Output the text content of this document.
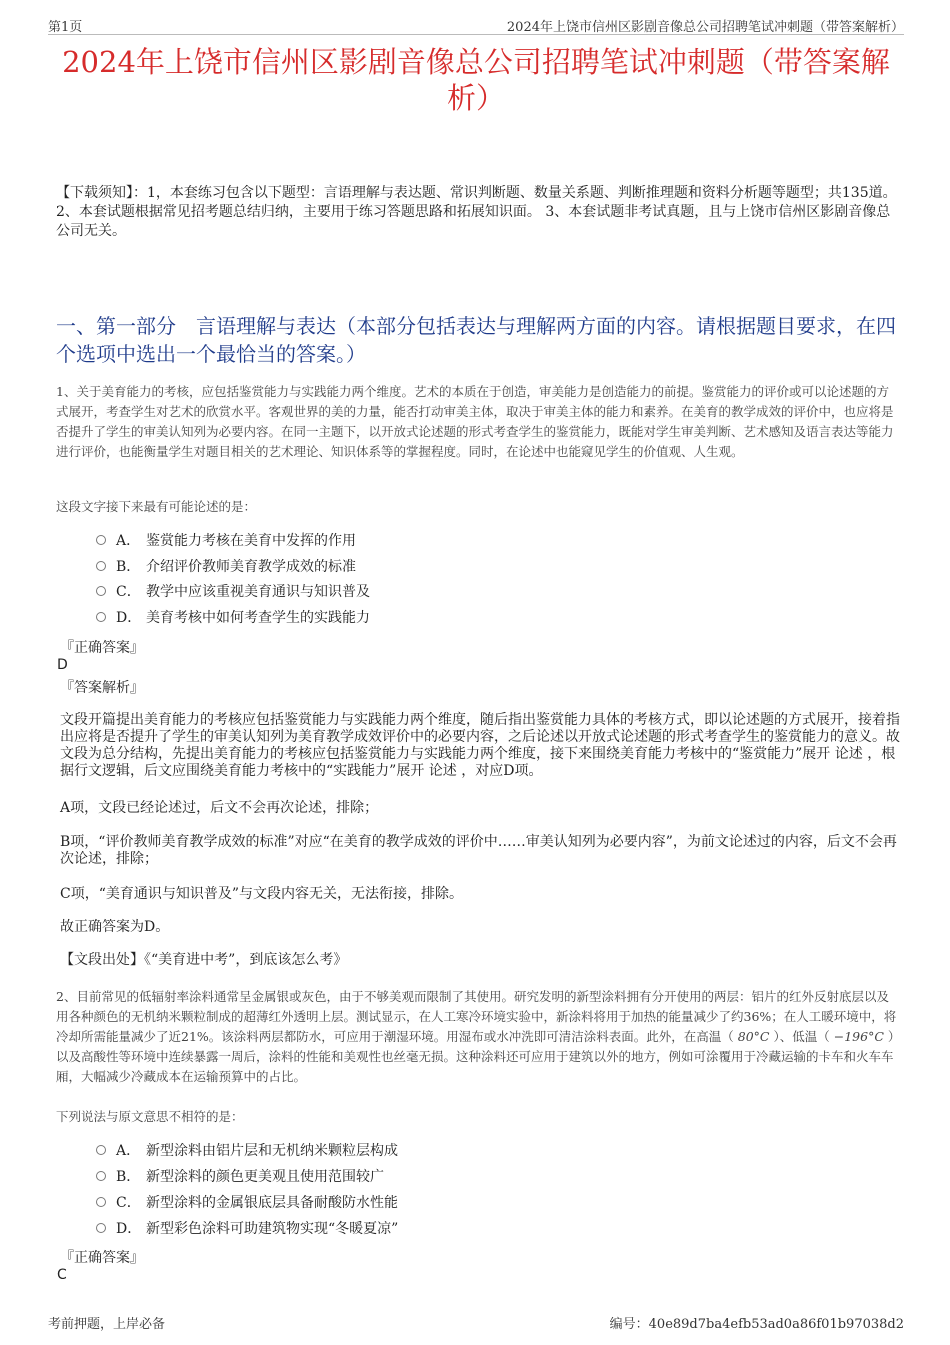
第1页	2024年上饶市信州区影剧音像总公司招聘笔试冲刺题（带答案解析）
2024年上饶市信州区影剧音像总公司招聘笔试冲刺题（带答案解析）
【下载须知】：1，本套练习包含以下题型：言语理解与表达题、常识判断题、数量关系题、判断推理题和资料分析题等题型；共135道。 2、本套试题根据常见招考题总结归纳，主要用于练习答题思路和拓展知识面。 3、本套试题非考试真题，且与上饶市信州区影剧音像总公司无关。
一、第一部分　言语理解与表达（本部分包括表达与理解两方面的内容。请根据题目要求，在四个选项中选出一个最恰当的答案。）
1、关于美育能力的考核，应包括鉴赏能力与实践能力两个维度。艺术的本质在于创造，审美能力是创造能力的前提。鉴赏能力的评价或可以论述题的方式展开，考查学生对艺术的欣赏水平。客观世界的美的力量，能否打动审美主体，取决于审美主体的能力和素养。在美育的教学成效的评价中，也应将是否提升了学生的审美认知列为必要内容。在同一主题下，以开放式论述题的形式考查学生的鉴赏能力，既能对学生审美判断、艺术感知及语言表达等能力进行评价，也能衡量学生对题目相关的艺术理论、知识体系等的掌握程度。同时，在论述中也能窥见学生的价值观、人生观。
这段文字接下来最有可能论述的是：
A． 鉴赏能力考核在美育中发挥的作用
B． 介绍评价教师美育教学成效的标准
C． 教学中应该重视美育通识与知识普及
D． 美育考核中如何考查学生的实践能力
『正确答案』
D
『答案解析』
文段开篇提出美育能力的考核应包括鉴赏能力与实践能力两个维度，随后指出鉴赏能力具体的考核方式，即以论述题的方式展开，接着指出应将是否提升了学生的审美认知列为美育教学成效评价中的必要内容，之后论述以开放式论述题的形式考查学生的鉴赏能力的意义。故文段为总分结构，先提出美育能力的考核应包括鉴赏能力与实践能力两个维度，接下来围绕美育能力考核中的“鉴赏能力”展开 论述 ，根据行文逻辑，后文应围绕美育能力考核中的“实践能力”展开 论述 ，对应D项。
A项，文段已经论述过，后文不会再次论述，排除；
B项，“评价教师美育教学成效的标准”对应“在美育的教学成效的评价中……审美认知列为必要内容”，为前文论述过的内容，后文不会再次论述，排除；
C项，“美育通识与知识普及”与文段内容无关，无法衔接，排除。
故正确答案为D。
【文段出处】《“美育进中考”，到底该怎么考》
2、目前常见的低辐射率涂料通常呈金属银或灰色，由于不够美观而限制了其使用。研究发明的新型涂料拥有分开使用的两层：铝片的红外反射底层以及用各种颜色的无机纳米颗粒制成的超薄红外透明上层。测试显示，在人工寒冷环境实验中，新涂料将用于加热的能量减少了约36%；在人工暖环境中，将冷却所需能量减少了近21%。该涂料两层都防水，可应用于潮湿环境。用湿布或水冲洗即可清洁涂料表面。此外，在高温（ 80°C ）、低温（ −196°C ）以及高酸性等环境中连续暴露一周后，涂料的性能和美观性也丝毫无损。这种涂料还可应用于建筑以外的地方，例如可涂覆用于冷藏运输的卡车和火车车厢，大幅减少冷藏成本在运输预算中的占比。
下列说法与原文意思不相符的是：
A． 新型涂料由铝片层和无机纳米颗粒层构成
B． 新型涂料的颜色更美观且使用范围较广
C． 新型涂料的金属银底层具备耐酸防水性能
D． 新型彩色涂料可助建筑物实现“冬暖夏凉”
『正确答案』
C
考前押题，上岸必备	编号：40e89d7ba4efb53ad0a86f01b97038d2
